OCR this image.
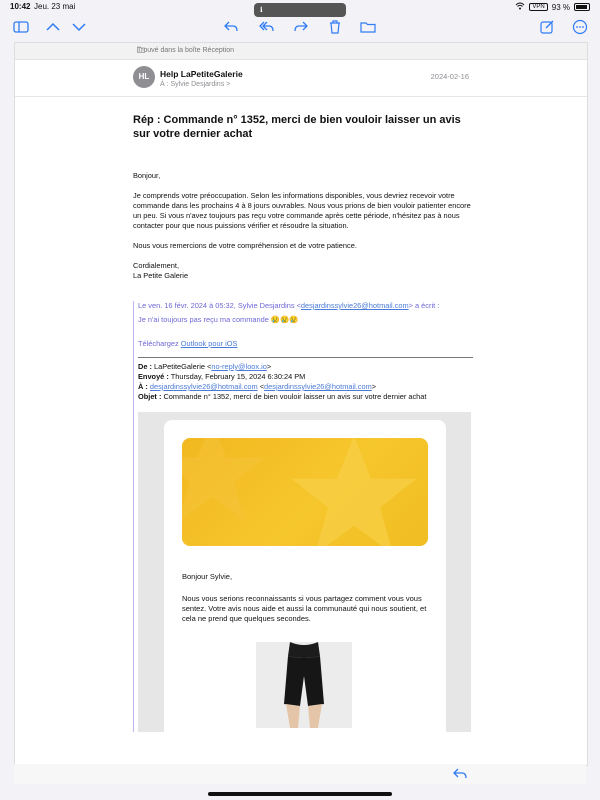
10:42 Jeu. 23 mai	VPN 93 %
ℹ︎
Trouvé dans la boîte Réception
HL	Help LaPetiteGalerie
À : Sylvie Desjardins >
2024-02-16
Rép : Commande n° 1352, merci de bien vouloir laisser un avis sur votre dernier achat

Bonjour,

Je comprends votre préoccupation. Selon les informations disponibles, vous devriez recevoir votre commande dans les prochains 4 à 8 jours ouvrables. Nous vous prions de bien vouloir patienter encore un peu. Si vous n'avez toujours pas reçu votre commande après cette période, n'hésitez pas à nous contacter pour que nous puissions vérifier et résoudre la situation.

Nous vous remercions de votre compréhension et de votre patience.

Cordialement,
La Petite Galerie
Le ven. 16 févr. 2024 à 05:32, Sylvie Desjardins <desjardinssylvie26@hotmail.com> a écrit :
Je n'ai toujours pas reçu ma commande 😢😢😢
Téléchargez Outlook pour iOS
De : LaPetiteGalerie <no-reply@loox.io>
Envoyé : Thursday, February 15, 2024 6:30:24 PM
À : desjardinssylvie26@hotmail.com <desjardinssylvie26@hotmail.com>
Objet : Commande n° 1352, merci de bien vouloir laisser un avis sur votre dernier achat
Bonjour Sylvie,
Nous vous serions reconnaissants si vous partagez comment vous vous sentez. Votre avis nous aide et aussi la communauté qui nous soutient, et cela ne prend que quelques secondes.
